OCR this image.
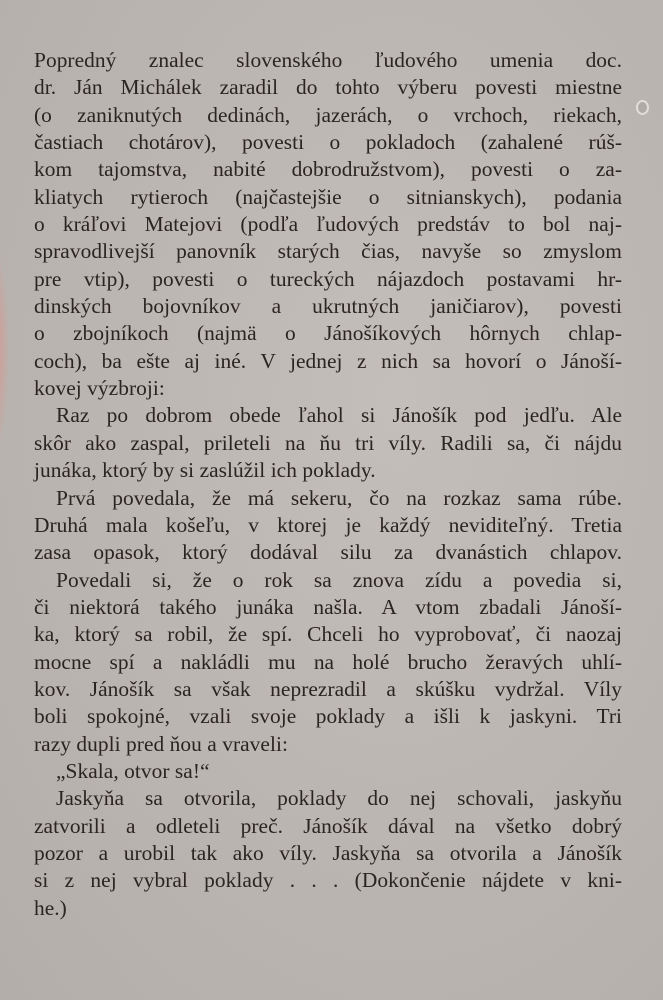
Popredný znalec slovenského ľudového umenia doc.
dr. Ján Michálek zaradil do tohto výberu povesti miestne
(o zaniknutých dedinách, jazerách, o vrchoch, riekach,
častiach chotárov), povesti o pokladoch (zahalené rúš-
kom tajomstva, nabité dobrodružstvom), povesti o za-
kliatych rytieroch (najčastejšie o sitnianskych), podania
o kráľovi Matejovi (podľa ľudových predstáv to bol naj-
spravodlivejší panovník starých čias, navyše so zmyslom
pre vtip), povesti o tureckých nájazdoch postavami hr-
dinských bojovníkov a ukrutných janičiarov), povesti
o zbojníkoch (najmä o Jánošíkových hôrnych chlap-
coch), ba ešte aj iné. V jednej z nich sa hovorí o Jánoší-
kovej výzbroji:
Raz po dobrom obede ľahol si Jánošík pod jedľu. Ale
skôr ako zaspal, prileteli na ňu tri víly. Radili sa, či nájdu
junáka, ktorý by si zaslúžil ich poklady.
Prvá povedala, že má sekeru, čo na rozkaz sama rúbe.
Druhá mala košeľu, v ktorej je každý neviditeľný. Tretia
zasa opasok, ktorý dodával silu za dvanástich chlapov.
Povedali si, že o rok sa znova zídu a povedia si,
či niektorá takého junáka našla. A vtom zbadali Jánoší-
ka, ktorý sa robil, že spí. Chceli ho vyprobovať, či naozaj
mocne spí a nakládli mu na holé brucho žeravých uhlí-
kov. Jánošík sa však neprezradil a skúšku vydržal. Víly
boli spokojné, vzali svoje poklady a išli k jaskyni. Tri
razy dupli pred ňou a vraveli:
„Skala, otvor sa!“
Jaskyňa sa otvorila, poklady do nej schovali, jaskyňu
zatvorili a odleteli preč. Jánošík dával na všetko dobrý
pozor a urobil tak ako víly. Jaskyňa sa otvorila a Jánošík
si z nej vybral poklady . . . (Dokončenie nájdete v kni-
he.)
